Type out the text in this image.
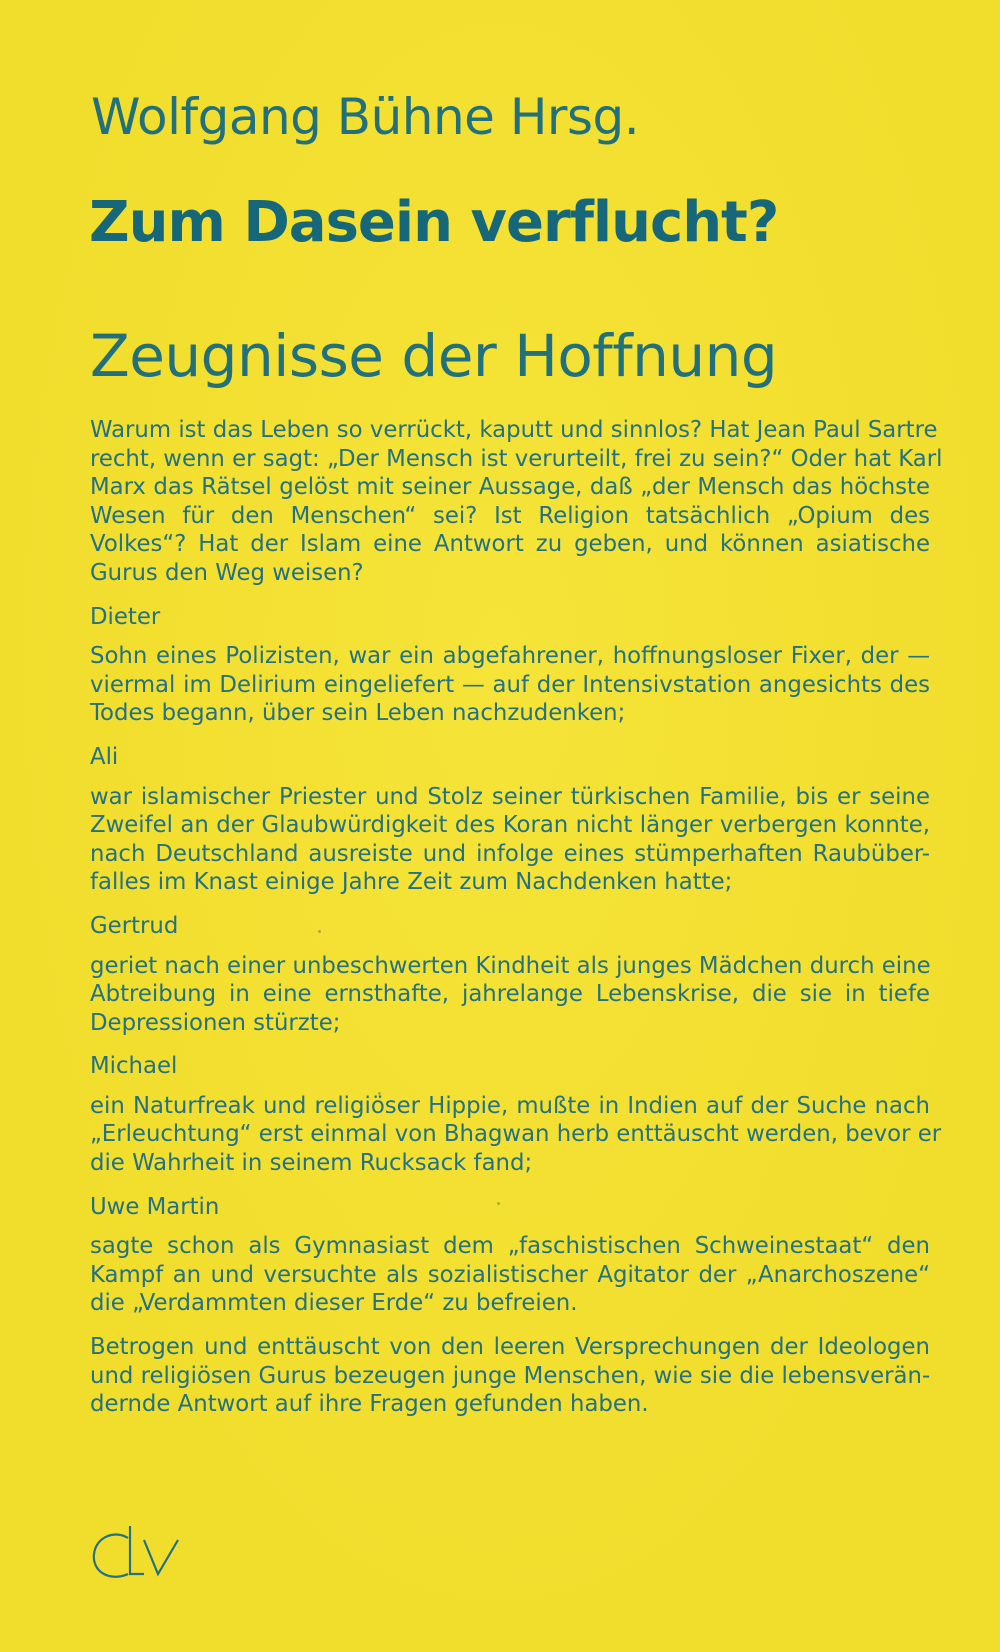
Wolfgang Bühne Hrsg.
Zum Dasein verflucht?
Zeugnisse der Hoffnung
Warum ist das Leben so verrückt, kaputt und sinnlos? Hat Jean Paul Sartre
recht, wenn er sagt: „Der Mensch ist verurteilt, frei zu sein?“ Oder hat Karl
Marx das Rätsel gelöst mit seiner Aussage, daß „der Mensch das höchste
Wesen für den Menschen“ sei? Ist Religion tatsächlich „Opium des
Volkes“? Hat der Islam eine Antwort zu geben, und können asiatische
Gurus den Weg weisen?
Dieter
Sohn eines Polizisten, war ein abgefahrener, hoffnungsloser Fixer, der —
viermal im Delirium eingeliefert — auf der Intensivstation angesichts des
Todes begann, über sein Leben nachzudenken;
Ali
war islamischer Priester und Stolz seiner türkischen Familie, bis er seine
Zweifel an der Glaubwürdigkeit des Koran nicht länger verbergen konnte,
nach Deutschland ausreiste und infolge eines stümperhaften Raubüber-
falles im Knast einige Jahre Zeit zum Nachdenken hatte;
Gertrud
geriet nach einer unbeschwerten Kindheit als junges Mädchen durch eine
Abtreibung in eine ernsthafte, jahrelange Lebenskrise, die sie in tiefe
Depressionen stürzte;
Michael
ein Naturfreak und religiöser Hippie, mußte in Indien auf der Suche nach
„Erleuchtung“ erst einmal von Bhagwan herb enttäuscht werden, bevor er
die Wahrheit in seinem Rucksack fand;
Uwe Martin
sagte schon als Gymnasiast dem „faschistischen Schweinestaat“ den
Kampf an und versuchte als sozialistischer Agitator der „Anarchoszene“
die „Verdammten dieser Erde“ zu befreien.
Betrogen und enttäuscht von den leeren Versprechungen der Ideologen
und religiösen Gurus bezeugen junge Menschen, wie sie die lebensverän-
dernde Antwort auf ihre Fragen gefunden haben.
